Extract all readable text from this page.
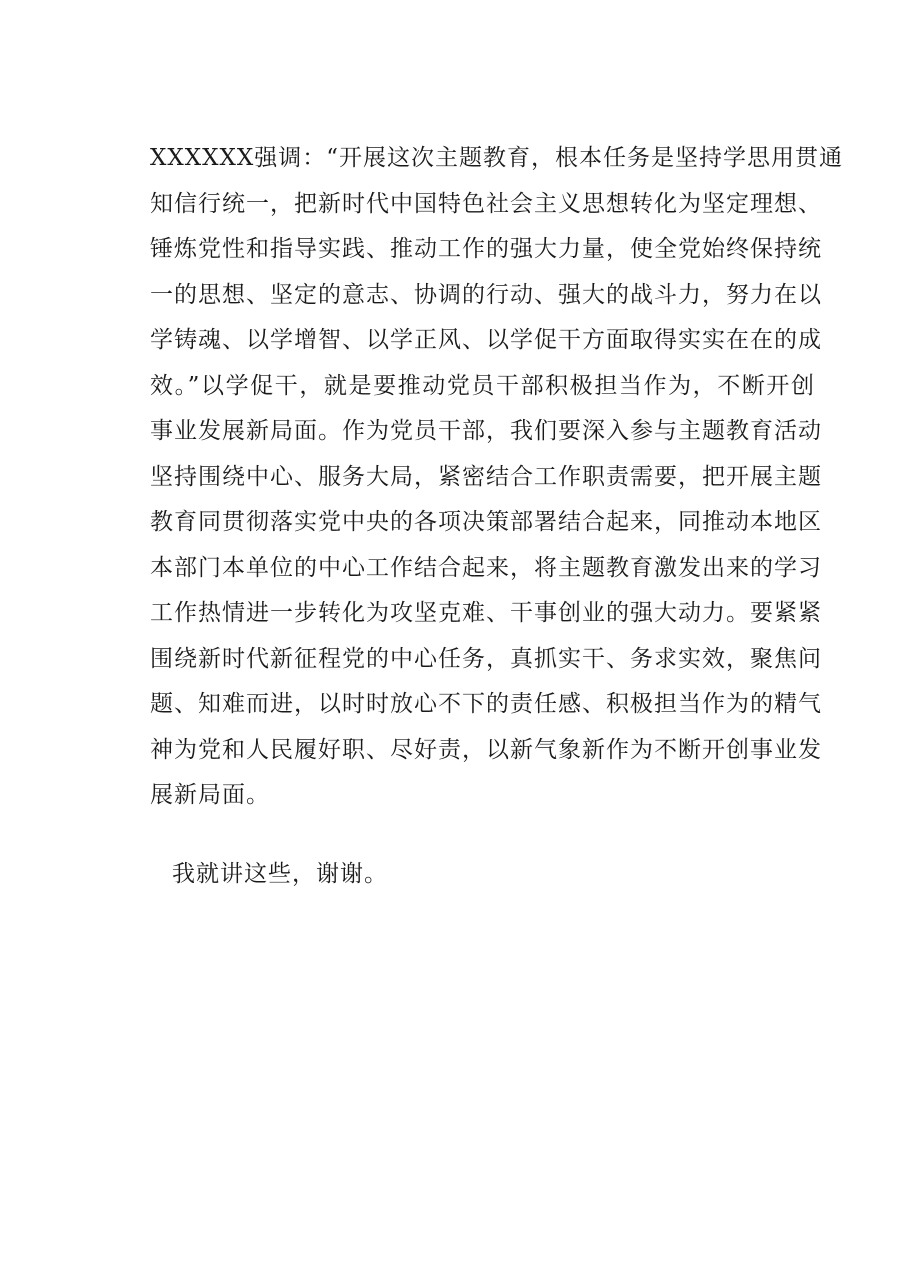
XXXXXX强调：“开展这次主题教育，根本任务是坚持学思用贯通
知信行统一，把新时代中国特色社会主义思想转化为坚定理想、
锤炼党性和指导实践、推动工作的强大力量，使全党始终保持统
一的思想、坚定的意志、协调的行动、强大的战斗力，努力在以
学铸魂、以学增智、以学正风、以学促干方面取得实实在在的成
效。”以学促干，就是要推动党员干部积极担当作为，不断开创
事业发展新局面。作为党员干部，我们要深入参与主题教育活动
坚持围绕中心、服务大局，紧密结合工作职责需要，把开展主题
教育同贯彻落实党中央的各项决策部署结合起来，同推动本地区
本部门本单位的中心工作结合起来，将主题教育激发出来的学习
工作热情进一步转化为攻坚克难、干事创业的强大动力。要紧紧
围绕新时代新征程党的中心任务，真抓实干、务求实效，聚焦问
题、知难而进，以时时放心不下的责任感、积极担当作为的精气
神为党和人民履好职、尽好责，以新气象新作为不断开创事业发
展新局面。
我就讲这些，谢谢。
